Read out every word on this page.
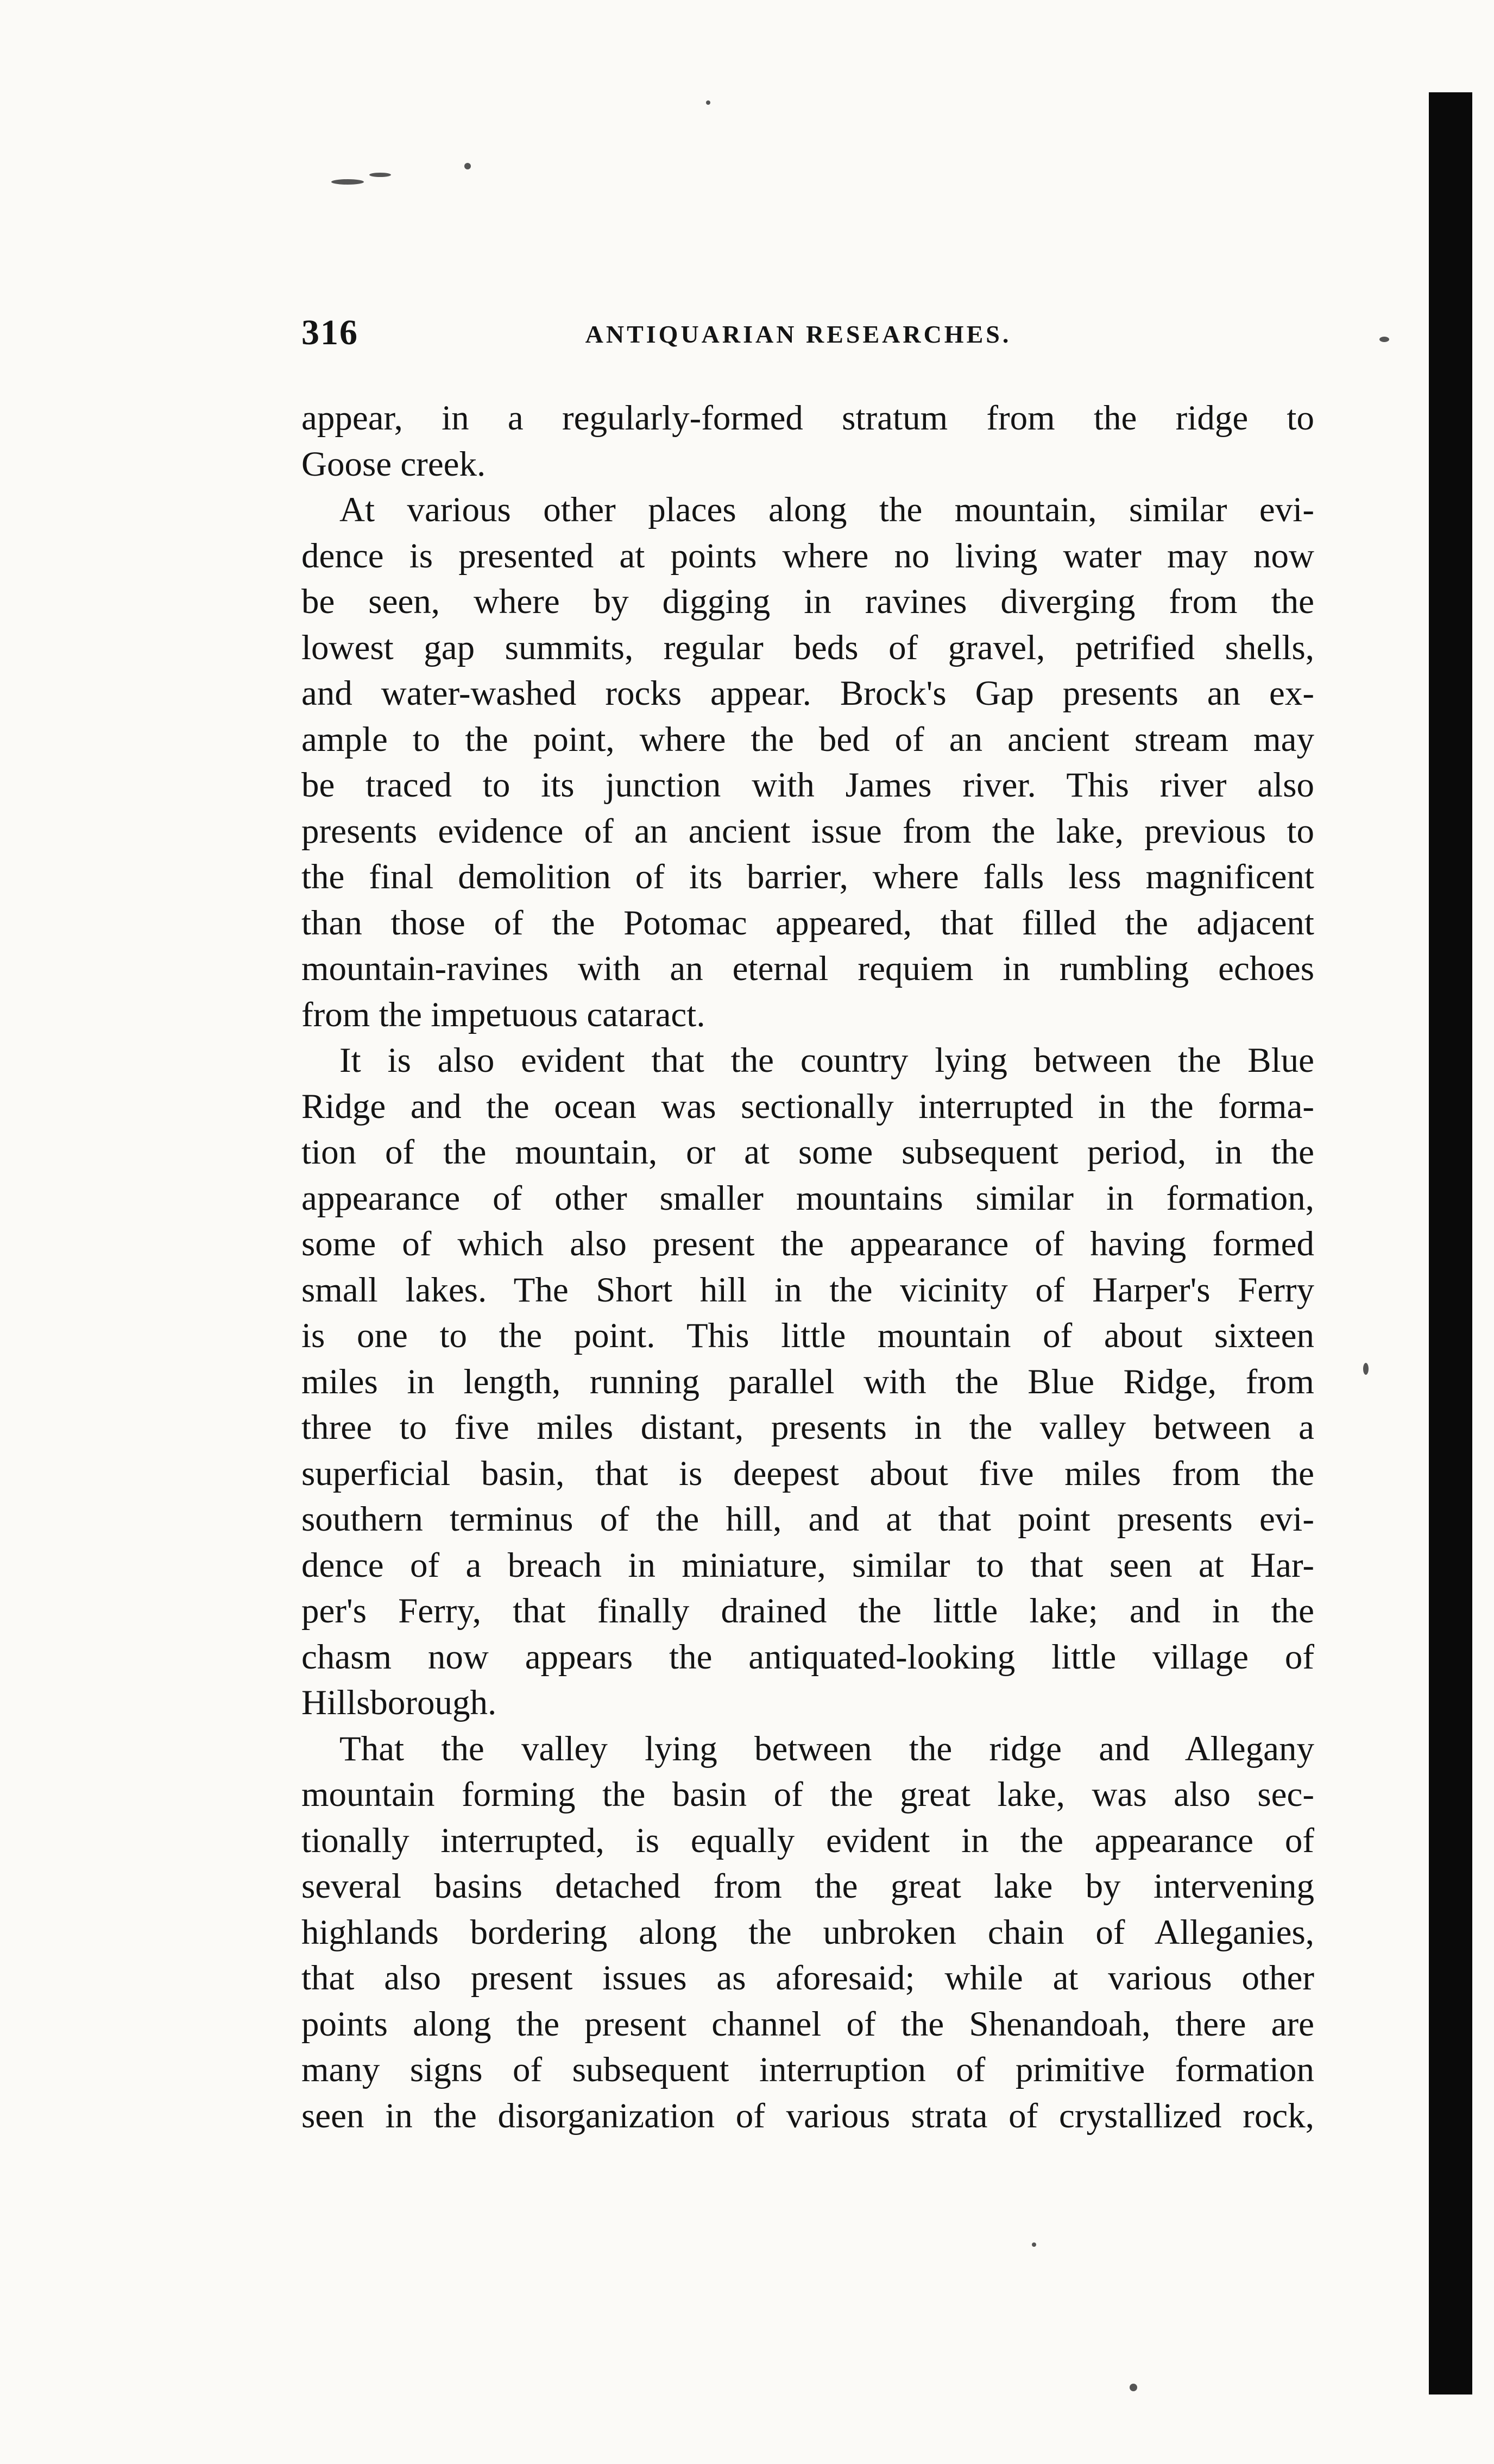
316	ANTIQUARIAN RESEARCHES.
appear, in a regularly-formed stratum from the ridge to
Goose creek.
At various other places along the mountain, similar evi-
dence is presented at points where no living water may now
be seen, where by digging in ravines diverging from the
lowest gap summits, regular beds of gravel, petrified shells,
and water-washed rocks appear. Brock's Gap presents an ex-
ample to the point, where the bed of an ancient stream may
be traced to its junction with James river. This river also
presents evidence of an ancient issue from the lake, previous to
the final demolition of its barrier, where falls less magnificent
than those of the Potomac appeared, that filled the adjacent
mountain-ravines with an eternal requiem in rumbling echoes
from the impetuous cataract.
It is also evident that the country lying between the Blue
Ridge and the ocean was sectionally interrupted in the forma-
tion of the mountain, or at some subsequent period, in the
appearance of other smaller mountains similar in formation,
some of which also present the appearance of having formed
small lakes. The Short hill in the vicinity of Harper's Ferry
is one to the point. This little mountain of about sixteen
miles in length, running parallel with the Blue Ridge, from
three to five miles distant, presents in the valley between a
superficial basin, that is deepest about five miles from the
southern terminus of the hill, and at that point presents evi-
dence of a breach in miniature, similar to that seen at Har-
per's Ferry, that finally drained the little lake; and in the
chasm now appears the antiquated-looking little village of
Hillsborough.
That the valley lying between the ridge and Allegany
mountain forming the basin of the great lake, was also sec-
tionally interrupted, is equally evident in the appearance of
several basins detached from the great lake by intervening
highlands bordering along the unbroken chain of Alleganies,
that also present issues as aforesaid; while at various other
points along the present channel of the Shenandoah, there are
many signs of subsequent interruption of primitive formation
seen in the disorganization of various strata of crystallized rock,
